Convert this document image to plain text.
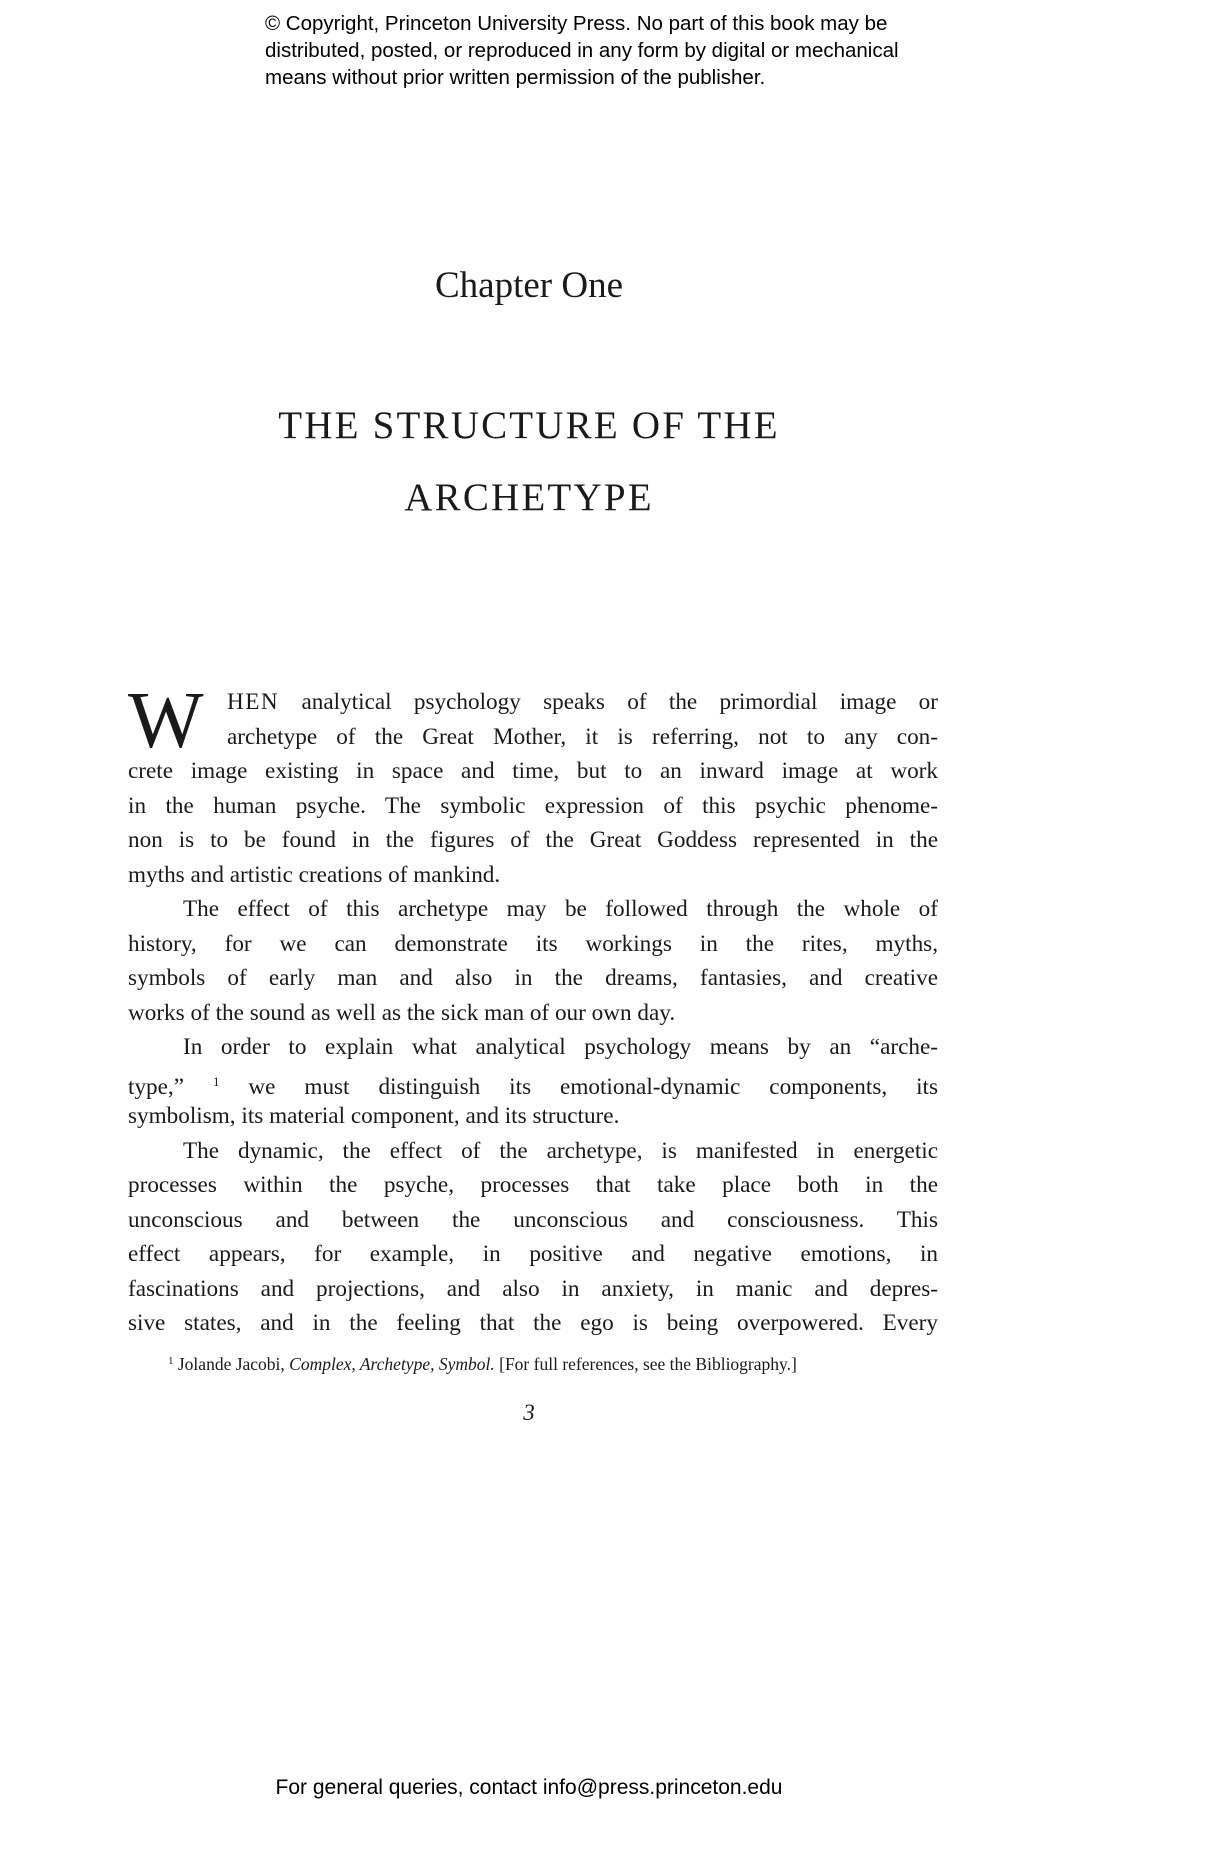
© Copyright, Princeton University Press. No part of this book may be
distributed, posted, or reproduced in any form by digital or mechanical
means without prior written permission of the publisher.
Chapter One
THE STRUCTURE OF THE
ARCHETYPE
W	HEN analytical psychology speaks of the primordial image or
archetype of the Great Mother, it is referring, not to any con-
crete image existing in space and time, but to an inward image at work
in the human psyche. The symbolic expression of this psychic phenome-
non is to be found in the figures of the Great Goddess represented in the
myths and artistic creations of mankind.
The effect of this archetype may be followed through the whole of
history, for we can demonstrate its workings in the rites, myths,
symbols of early man and also in the dreams, fantasies, and creative
works of the sound as well as the sick man of our own day.
In order to explain what analytical psychology means by an “arche-
type,” $^1$ we must distinguish its emotional-dynamic components, its
symbolism, its material component, and its structure.
The dynamic, the effect of the archetype, is manifested in energetic
processes within the psyche, processes that take place both in the
unconscious and between the unconscious and consciousness. This
effect appears, for example, in positive and negative emotions, in
fascinations and projections, and also in anxiety, in manic and depres-
sive states, and in the feeling that the ego is being overpowered. Every
$^1$ Jolande Jacobi, Complex, Archetype, Symbol. [For full references, see the Bibliography.]
3
For general queries, contact info@press.princeton.edu
